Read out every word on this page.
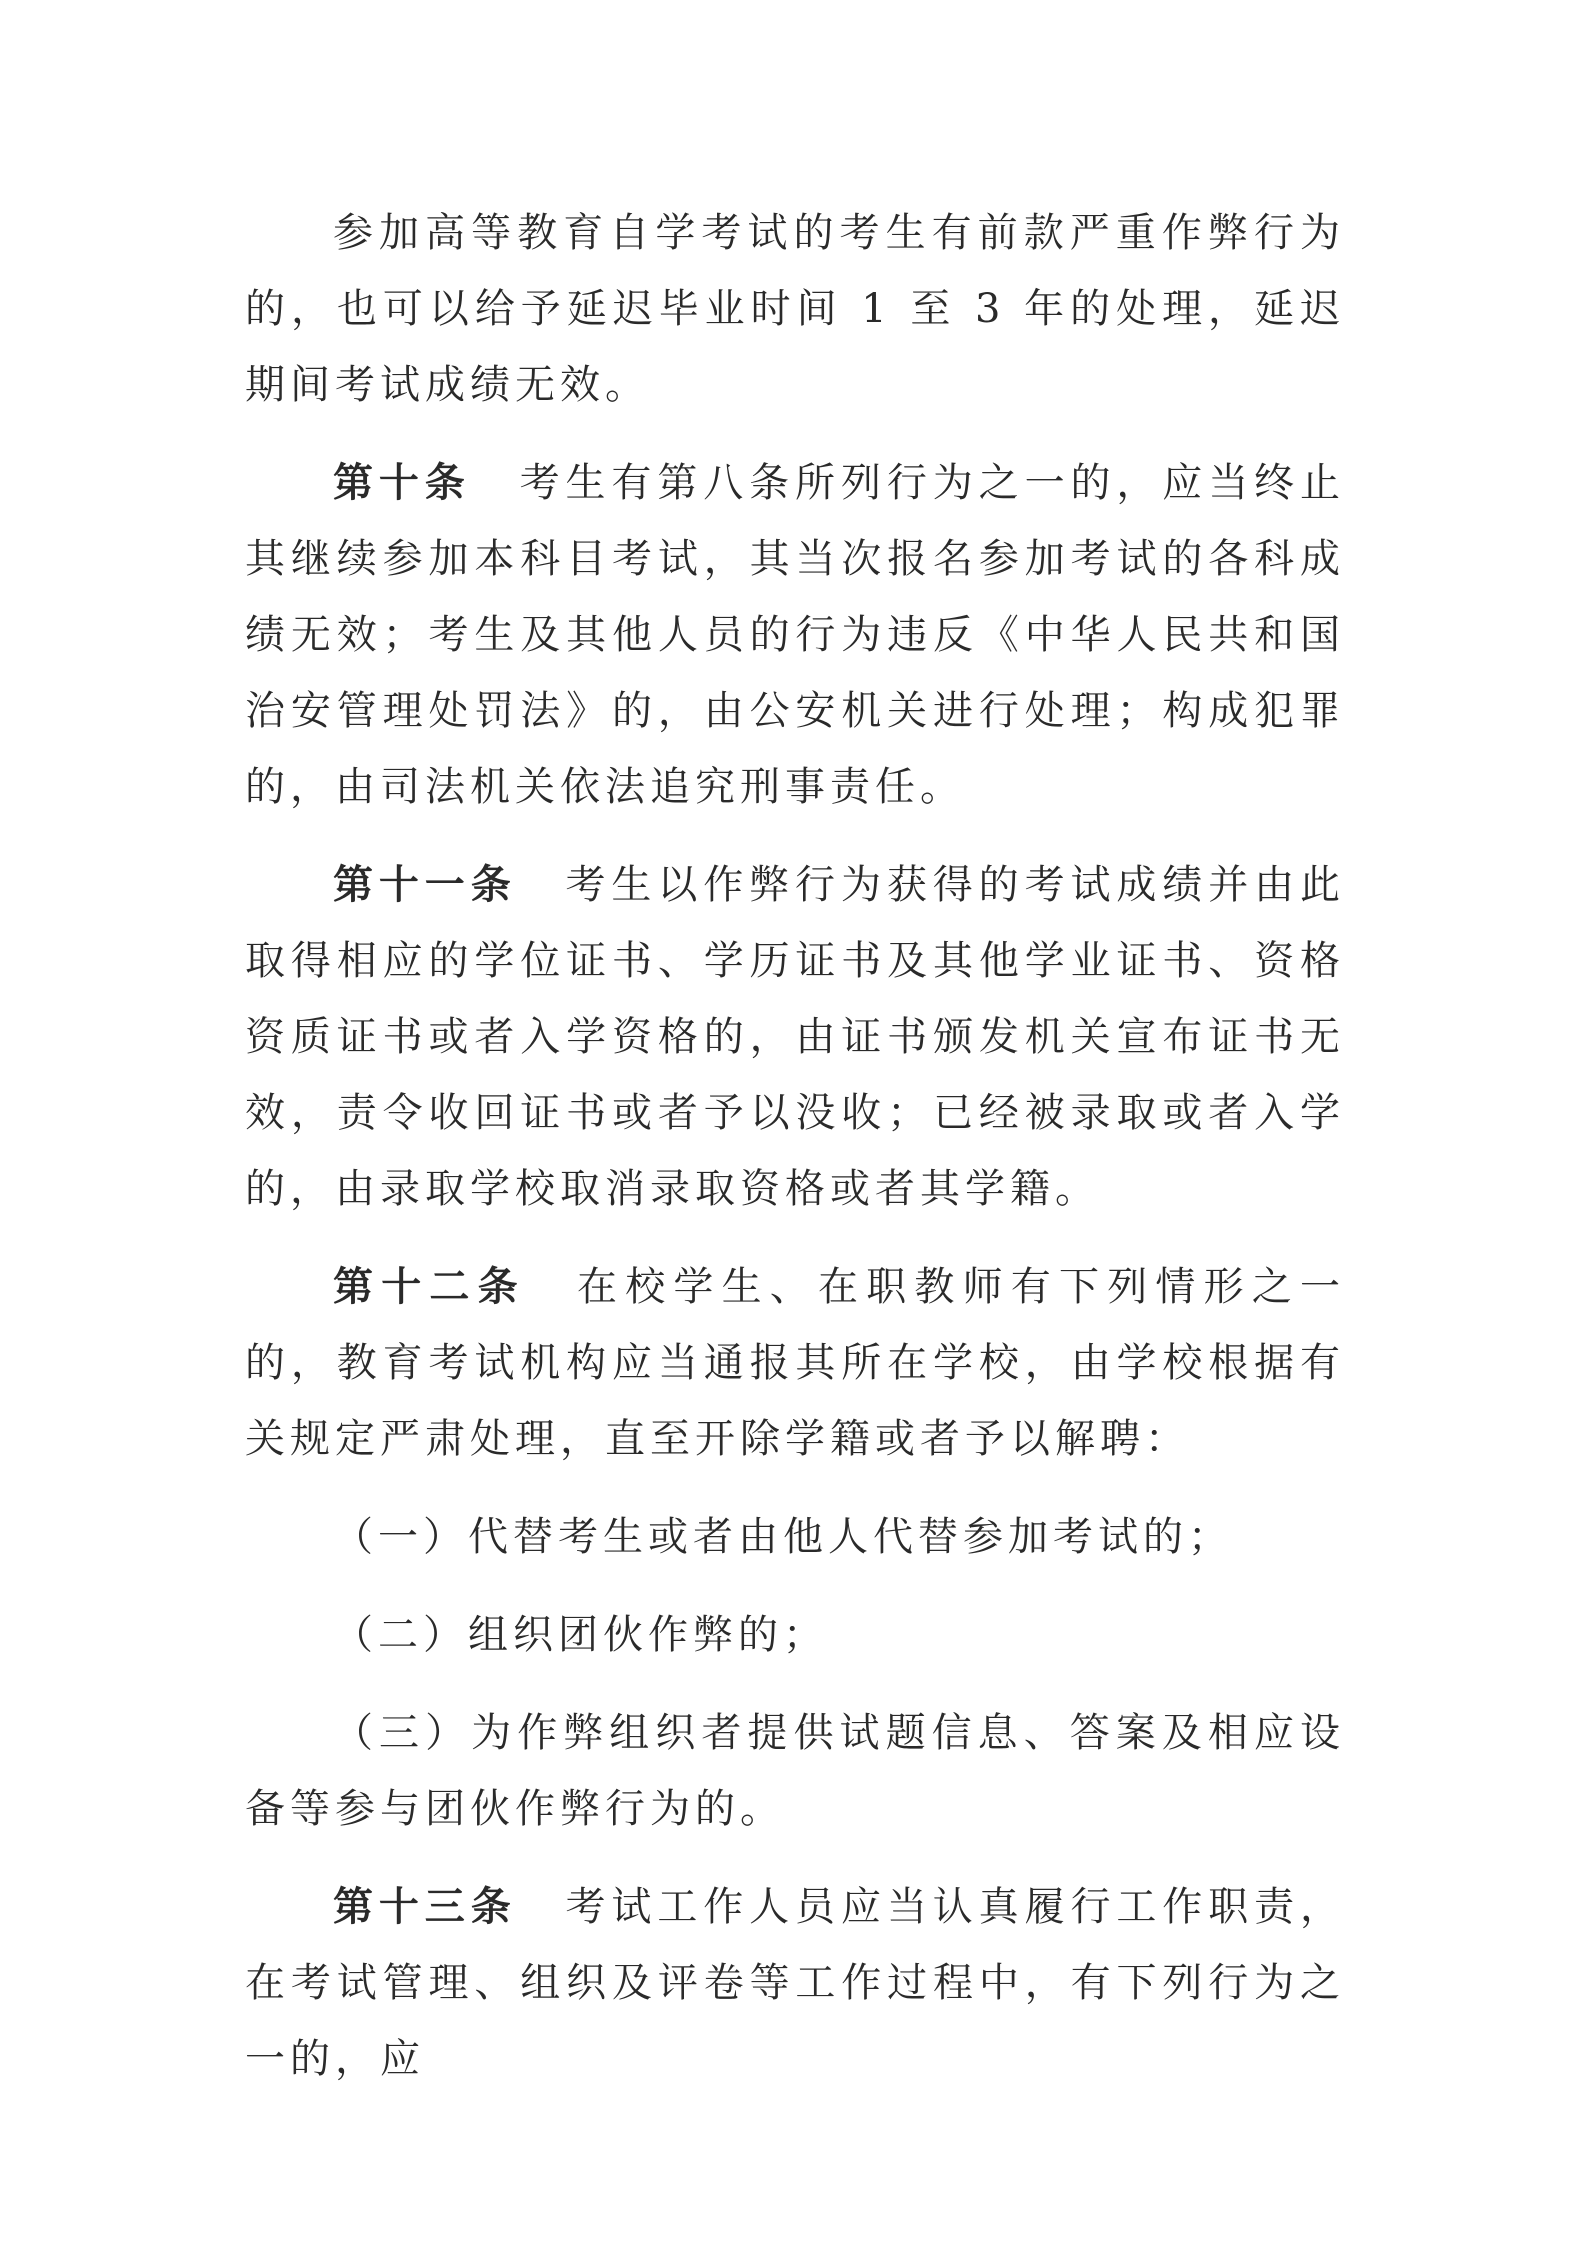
参加高等教育自学考试的考生有前款严重作弊行为的，也可以给予延迟毕业时间 1 至 3 年的处理，延迟期间考试成绩无效。

第十条 考生有第八条所列行为之一的，应当终止其继续参加本科目考试，其当次报名参加考试的各科成绩无效；考生及其他人员的行为违反《中华人民共和国治安管理处罚法》的，由公安机关进行处理；构成犯罪的，由司法机关依法追究刑事责任。

第十一条 考生以作弊行为获得的考试成绩并由此取得相应的学位证书、学历证书及其他学业证书、资格资质证书或者入学资格的，由证书颁发机关宣布证书无效，责令收回证书或者予以没收；已经被录取或者入学的，由录取学校取消录取资格或者其学籍。

第十二条 在校学生、在职教师有下列情形之一的，教育考试机构应当通报其所在学校，由学校根据有关规定严肃处理，直至开除学籍或者予以解聘：

（一）代替考生或者由他人代替参加考试的；

（二）组织团伙作弊的；

（三）为作弊组织者提供试题信息、答案及相应设备等参与团伙作弊行为的。

第十三条 考试工作人员应当认真履行工作职责，在考试管理、组织及评卷等工作过程中，有下列行为之一的，应
